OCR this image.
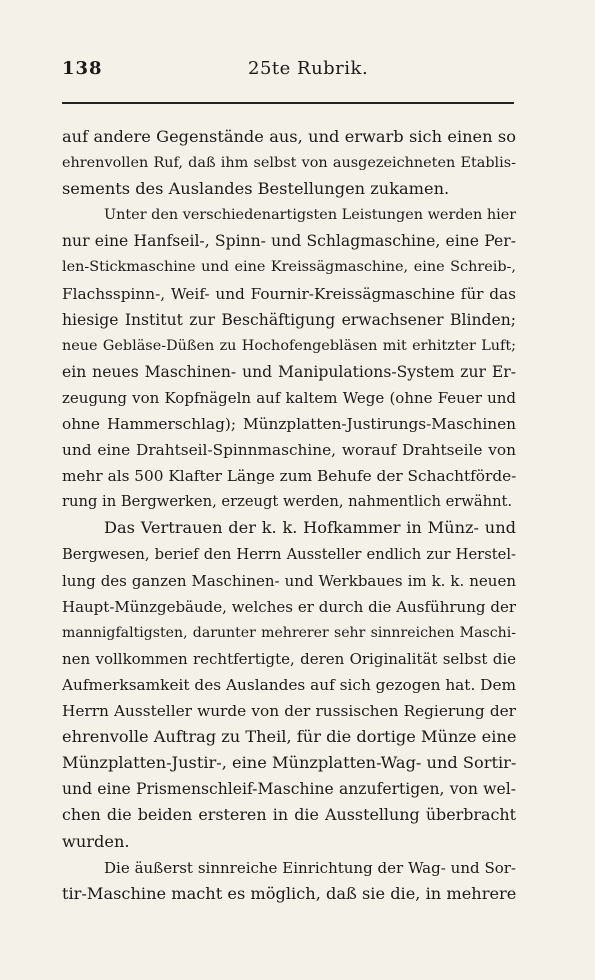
138	25te Rubrik.
auf andere Gegenstände aus, und erwarb sich einen so
ehrenvollen Ruf, daß ihm selbst von ausgezeichneten Etablis-
sements des Auslandes Bestellungen zukamen.
Unter den verschiedenartigsten Leistungen werden hier
nur eine Hanfseil-, Spinn- und Schlagmaschine, eine Per-
len-Stickmaschine und eine Kreissägmaschine, eine Schreib-,
Flachsspinn-, Weif- und Fournir-Kreissägmaschine für das
hiesige Institut zur Beschäftigung erwachsener Blinden;
neue Gebläse-Düßen zu Hochofengebläsen mit erhitzter Luft;
ein neues Maschinen- und Manipulations-System zur Er-
zeugung von Kopfnägeln auf kaltem Wege (ohne Feuer und
ohne Hammerschlag); Münzplatten-Justirungs-Maschinen
und eine Drahtseil-Spinnmaschine, worauf Drahtseile von
mehr als 500 Klafter Länge zum Behufe der Schachtförde-
rung in Bergwerken, erzeugt werden, nahmentlich erwähnt.
Das Vertrauen der k. k. Hofkammer in Münz- und
Bergwesen, berief den Herrn Aussteller endlich zur Herstel-
lung des ganzen Maschinen- und Werkbaues im k. k. neuen
Haupt-Münzgebäude, welches er durch die Ausführung der
mannigfaltigsten, darunter mehrerer sehr sinnreichen Maschi-
nen vollkommen rechtfertigte, deren Originalität selbst die
Aufmerksamkeit des Auslandes auf sich gezogen hat. Dem
Herrn Aussteller wurde von der russischen Regierung der
ehrenvolle Auftrag zu Theil, für die dortige Münze eine
Münzplatten-Justir-, eine Münzplatten-Wag- und Sortir-
und eine Prismenschleif-Maschine anzufertigen, von wel-
chen die beiden ersteren in die Ausstellung überbracht
wurden.
Die äußerst sinnreiche Einrichtung der Wag- und Sor-
tir-Maschine macht es möglich, daß sie die, in mehrere
